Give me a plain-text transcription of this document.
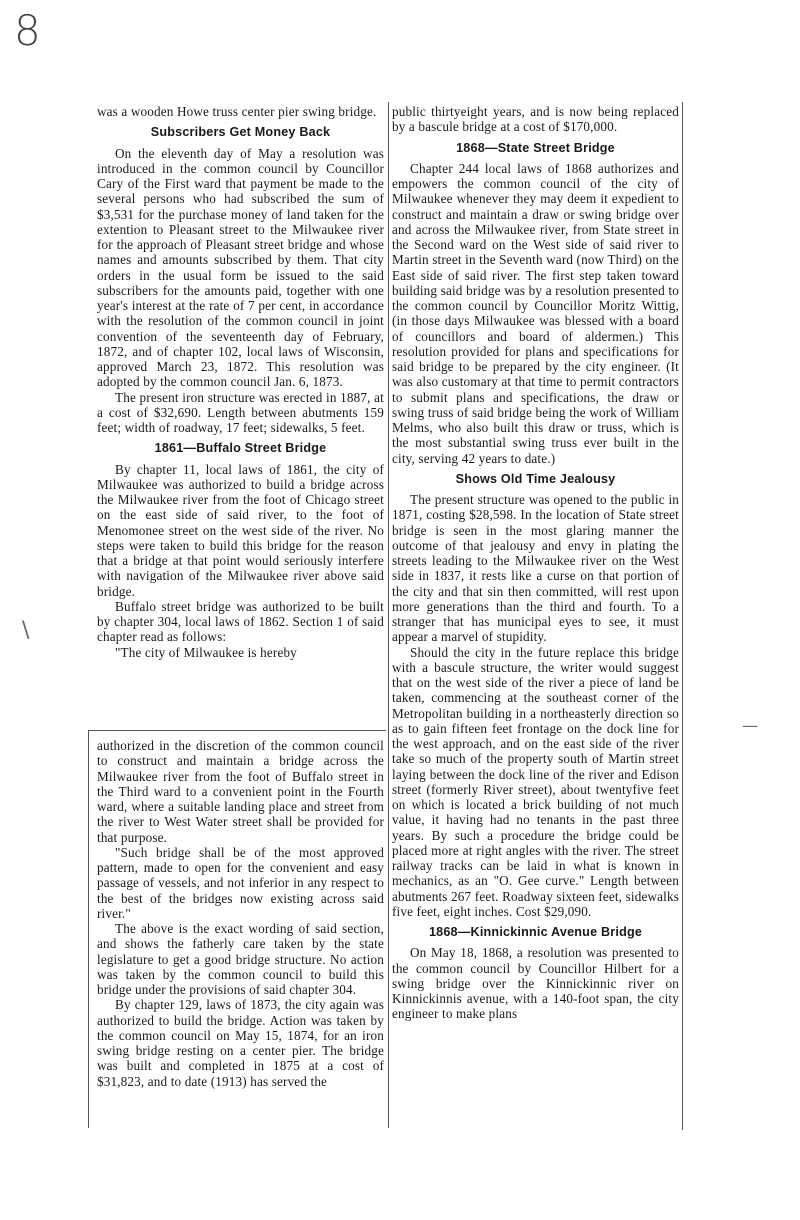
8
\
—

was a wooden Howe truss center pier swing bridge.

Subscribers Get Money Back

On the eleventh day of May a resolution was introduced in the common council by Councillor Cary of the First ward that payment be made to the several persons who had subscribed the sum of $3,531 for the purchase money of land taken for the extention to Pleasant street to the Milwaukee river for the approach of Pleasant street bridge and whose names and amounts subscribed by them. That city orders in the usual form be issued to the said subscribers for the amounts paid, together with one year's interest at the rate of 7 per cent, in accordance with the resolution of the common council in joint convention of the seventeenth day of February, 1872, and of chapter 102, local laws of Wisconsin, approved March 23, 1872. This resolution was adopted by the common council Jan. 6, 1873.

The present iron structure was erected in 1887, at a cost of $32,690. Length between abutments 159 feet; width of roadway, 17 feet; sidewalks, 5 feet.

1861—Buffalo Street Bridge

By chapter 11, local laws of 1861, the city of Milwaukee was authorized to build a bridge across the Milwaukee river from the foot of Chicago street on the east side of said river, to the foot of Menomonee street on the west side of the river. No steps were taken to build this bridge for the reason that a bridge at that point would seriously interfere with navigation of the Milwaukee river above said bridge.

Buffalo street bridge was authorized to be built by chapter 304, local laws of 1862. Section 1 of said chapter read as follows:

"The city of Milwaukee is hereby

authorized in the discretion of the common council to construct and maintain a bridge across the Milwaukee river from the foot of Buffalo street in the Third ward to a convenient point in the Fourth ward, where a suitable landing place and street from the river to West Water street shall be provided for that purpose.

"Such bridge shall be of the most approved pattern, made to open for the convenient and easy passage of vessels, and not inferior in any respect to the best of the bridges now existing across said river."

The above is the exact wording of said section, and shows the fatherly care taken by the state legislature to get a good bridge structure. No action was taken by the common council to build this bridge under the provisions of said chapter 304.

By chapter 129, laws of 1873, the city again was authorized to build the bridge. Action was taken by the common council on May 15, 1874, for an iron swing bridge resting on a center pier. The bridge was built and completed in 1875 at a cost of $31,823, and to date (1913) has served the

public thirtyeight years, and is now being replaced by a bascule bridge at a cost of $170,000.

1868—State Street Bridge

Chapter 244 local laws of 1868 authorizes and empowers the common council of the city of Milwaukee whenever they may deem it expedient to construct and maintain a draw or swing bridge over and across the Milwaukee river, from State street in the Second ward on the West side of said river to Martin street in the Seventh ward (now Third) on the East side of said river. The first step taken toward building said bridge was by a resolution presented to the common council by Councillor Moritz Wittig, (in those days Milwaukee was blessed with a board of councillors and board of aldermen.) This resolution provided for plans and specifications for said bridge to be prepared by the city engineer. (It was also customary at that time to permit contractors to submit plans and specifications, the draw or swing truss of said bridge being the work of William Melms, who also built this draw or truss, which is the most substantial swing truss ever built in the city, serving 42 years to date.)

Shows Old Time Jealousy

The present structure was opened to the public in 1871, costing $28,598. In the location of State street bridge is seen in the most glaring manner the outcome of that jealousy and envy in plating the streets leading to the Milwaukee river on the West side in 1837, it rests like a curse on that portion of the city and that sin then committed, will rest upon more generations than the third and fourth. To a stranger that has municipal eyes to see, it must appear a marvel of stupidity.

Should the city in the future replace this bridge with a bascule structure, the writer would suggest that on the west side of the river a piece of land be taken, commencing at the southeast corner of the Metropolitan building in a northeasterly direction so as to gain fifteen feet frontage on the dock line for the west approach, and on the east side of the river take so much of the property south of Martin street laying between the dock line of the river and Edison street (formerly River street), about twentyfive feet on which is located a brick building of not much value, it having had no tenants in the past three years. By such a procedure the bridge could be placed more at right angles with the river. The street railway tracks can be laid in what is known in mechanics, as an "O. Gee curve." Length between abutments 267 feet. Roadway sixteen feet, sidewalks five feet, eight inches. Cost $29,090.

1868—Kinnickinnic Avenue Bridge

On May 18, 1868, a resolution was presented to the common council by Councillor Hilbert for a swing bridge over the Kinnickinnic river on Kinnickinnis avenue, with a 140-foot span, the city engineer to make plans
